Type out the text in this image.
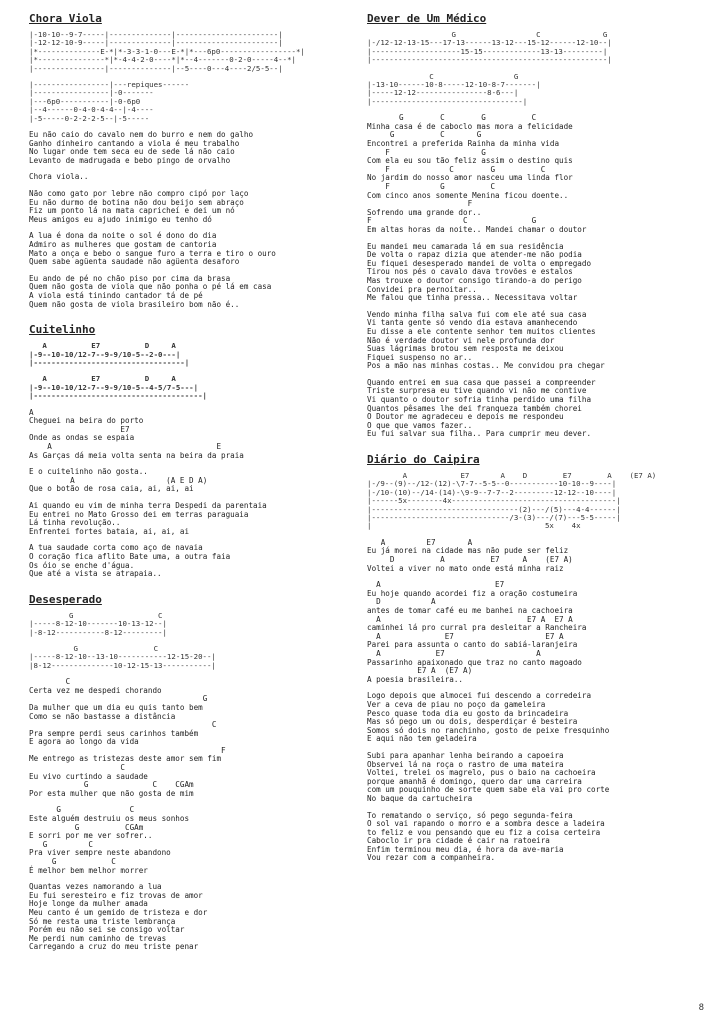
Chora Viola
|-10-10--9-7-----|--------------|-----------------------|
|-12-12-10-9-----|--------------|-----------------------|
|*--------------E-*|*-3-3-1-0---E-*|*---6p0-----------------*|
|*---------------*|*-4-4-2-0----*|*--4-------0-2-0-----4--*|
|----------------|--------------|--5----0---4----2/5-5--|
|-----------------|---repiques------
|-----------------|-0-------
|---6p0-----------|-0-6p0
|--4------0-4-0-4-4--|-4----
|-5-----0-2-2-2-5--|-5-----
Eu não caio do cavalo nem do burro e nem do galho
Ganho dinheiro cantando a viola é meu trabalho
No lugar onde tem seca eu de sede lá não caio
Levanto de madrugada e bebo pingo de orvalho
Chora viola..
Não como gato por lebre não compro cipó por laço
Eu não durmo de botina não dou beijo sem abraço
Fiz um ponto lá na mata capricheí e dei um nó
Meus amigos eu ajudo inimigo eu tenho dó
A lua é dona da noite o sol é dono do dia
Admiro as mulheres que gostam de cantoria
Mato a onça e bebo o sangue furo a terra e tiro o ouro
Quem sabe agüenta saudade não agüenta desaforo
Eu ando de pé no chão piso por cima da brasa
Quem não gosta de viola que não ponha o pé lá em casa
A viola está tinindo cantador tá de pé
Quem não gosta de viola brasileiro bom não é..
Cuitelinho
A          E7          D     A
|-9--10-10/12-7--9-9/10-5--2-0---|
|----------------------------------|
A          E7          D     A
|-9--10-10/12-7--9-9/10-5--4-5/7-5---|
|--------------------------------------|
A
Cheguei na beira do porto
E7
Onde as ondas se espaia
A                                    E
As Garças dá meia volta senta na beira da praia
E o cuitelinho não gosta..
A                    (A E D A)
Que o botão de rosa caia, ai, ai, ai
Ai quando eu vim de minha terra Despedi da parentaia
Eu entrei no Mato Grosso dei em terras paraguaia
Lá tinha revolução..
Enfrentei fortes bataia, ai, ai, ai
A tua saudade corta como aço de navaia
O coração fica aflito Bate uma, a outra faia
Os óio se enche d'água.
Que até a vista se atrapaia..
Desesperado
G                   C
|-----8-12-10-------10-13-12--|
|-8-12-----------8-12---------|
G                 C
|-----8-12-10--13-10-----------12-15-20--|
|8-12--------------10-12-15-13-----------|
C
Certa vez me despedi chorando
G
Da mulher que um dia eu quis tanto bem
Como se não bastasse a distância
C
Pra sempre perdi seus carinhos também
E agora ao longo da vida
F
Me entrego as tristezas deste amor sem fim
C
Eu vivo curtindo a saudade
G              C    CGAm
Por esta mulher que não gosta de mim
G               C
Este alguém destruiu os meus sonhos
G          CGAm
E sorri por me ver sofrer..
G         C
Pra viver sempre neste abandono
G            C
É melhor bem melhor morrer
Quantas vezes namorando a lua
Eu fui seresteiro e fiz trovas de amor
Hoje longe da mulher amada
Meu canto é um gemido de tristeza e dor
Só me resta uma triste lembrança
Porém eu não sei se consigo voltar
Me perdi num caminho de trevas
Carregando a cruz do meu triste penar
Dever de Um Médico
G                  C              G
|-/12-12-13-15---17-13------13-12---15-12------12-10--|
|--------------------15-15-------------13-13---------|
|-----------------------------------------------------|
C                  G
|-13-10------10-8-----12-10-8-7-------|
|-----12-12----------------8-6---|
|----------------------------------|
G        C        G          C
Minha casa é de caboclo mas mora a felicidade
G          C       G
Encontrei a preferida Rainha da minha vida
F                    G
Com ela eu sou tão feliz assim o destino quis
F             C        G          C
No jardim do nosso amor nasceu uma linda flor
F           G          C
Com cinco anos somente Menina ficou doente..
F
Sofrendo uma grande dor..
F                    C              G
Em altas horas da noite.. Mandei chamar o doutor
Eu mandei meu camarada lá em sua residência
De volta o rapaz dizia que atender-me não podia
Eu fiquei desesperado mandei de volta o empregado
Tirou nos pés o cavalo dava trovões e estalos
Mas trouxe o doutor consigo tirando-a do perigo
Convidei pra pernoitar..
Me falou que tinha pressa.. Necessitava voltar
Vendo minha filha salva fui com ele até sua casa
Vi tanta gente só vendo dia estava amanhecendo
Eu disse a ele contente senhor tem muitos clientes
Não é verdade doutor vi nele profunda dor
Suas lágrimas brotou sem resposta me deixou
Fiquei suspenso no ar..
Pos a mão nas minhas costas.. Me convidou pra chegar
Quando entrei em sua casa que passei a compreender
Triste surpresa eu tive quando vi não me contive
Vi quanto o doutor sofria tinha perdido uma filha
Quantos pêsames lhe dei franqueza também chorei
O Doutor me agradeceu e depois me respondeu
O que que vamos fazer..
Eu fui salvar sua filha.. Para cumprir meu dever.
Diário do Caipira
A            E7       A    D        E7        A    (E7 A)
|-/9--(9)--/12-(12)-\7-7--5-5--0-----------10-10--9----|
|-/10-(10)--/14-(14)-\9-9--7-7--2---------12-12--10----|
|------5x--------4x-------------------------------------|
|---------------------------------(2)---/(5)---4-4------|
|-------------------------------/3-(3)---/(7)---5-5-----|
|                                       5x    4x
A         E7       A
Eu já morei na cidade mas não pude ser feliz
D          A          E7     A    (E7 A)
Voltei a viver no mato onde está minha raiz
A                         E7
Eu hoje quando acordei fiz a oração costumeira
D           A
antes de tomar café eu me banhei na cachoeira
A                                E7 A  E7 A
caminhei lá pro curral pra desleitar a Rancheira
A              E7                    E7 A
Parei para assunta o canto do sabiá-laranjeira
A            E7                    A
Passarinho apaixonado que traz no canto magoado
E7 A  (E7 A)
A poesia brasileira..
Logo depois que almocei fui descendo a corredeira
Ver a ceva de piau no poço da gameleira
Pesco quase toda dia eu gosto da brincadeira
Mas só pego um ou dois, desperdiçar é besteira
Somos só dois no ranchinho, gosto de peixe fresquinho
E aqui não tem geladeira
Subi para apanhar lenha beirando a capoeira
Observei lá na roça o rastro de uma mateira
Voltei, trelei os magrelo, pus o baio na cachoeira
porque amanhã é domingo, quero dar uma carreira
com um pouquinho de sorte quem sabe ela vai pro corte
No baque da cartucheira
To rematando o serviço, só pego segunda-feira
O sol vai rapando o morro e a sombra desce a ladeira
to feliz e vou pensando que eu fiz a coisa certeira
Caboclo ir pra cidade é cair na ratoeira
Enfim terminou meu dia, é hora da ave-maria
Vou rezar com a companheira.
8
